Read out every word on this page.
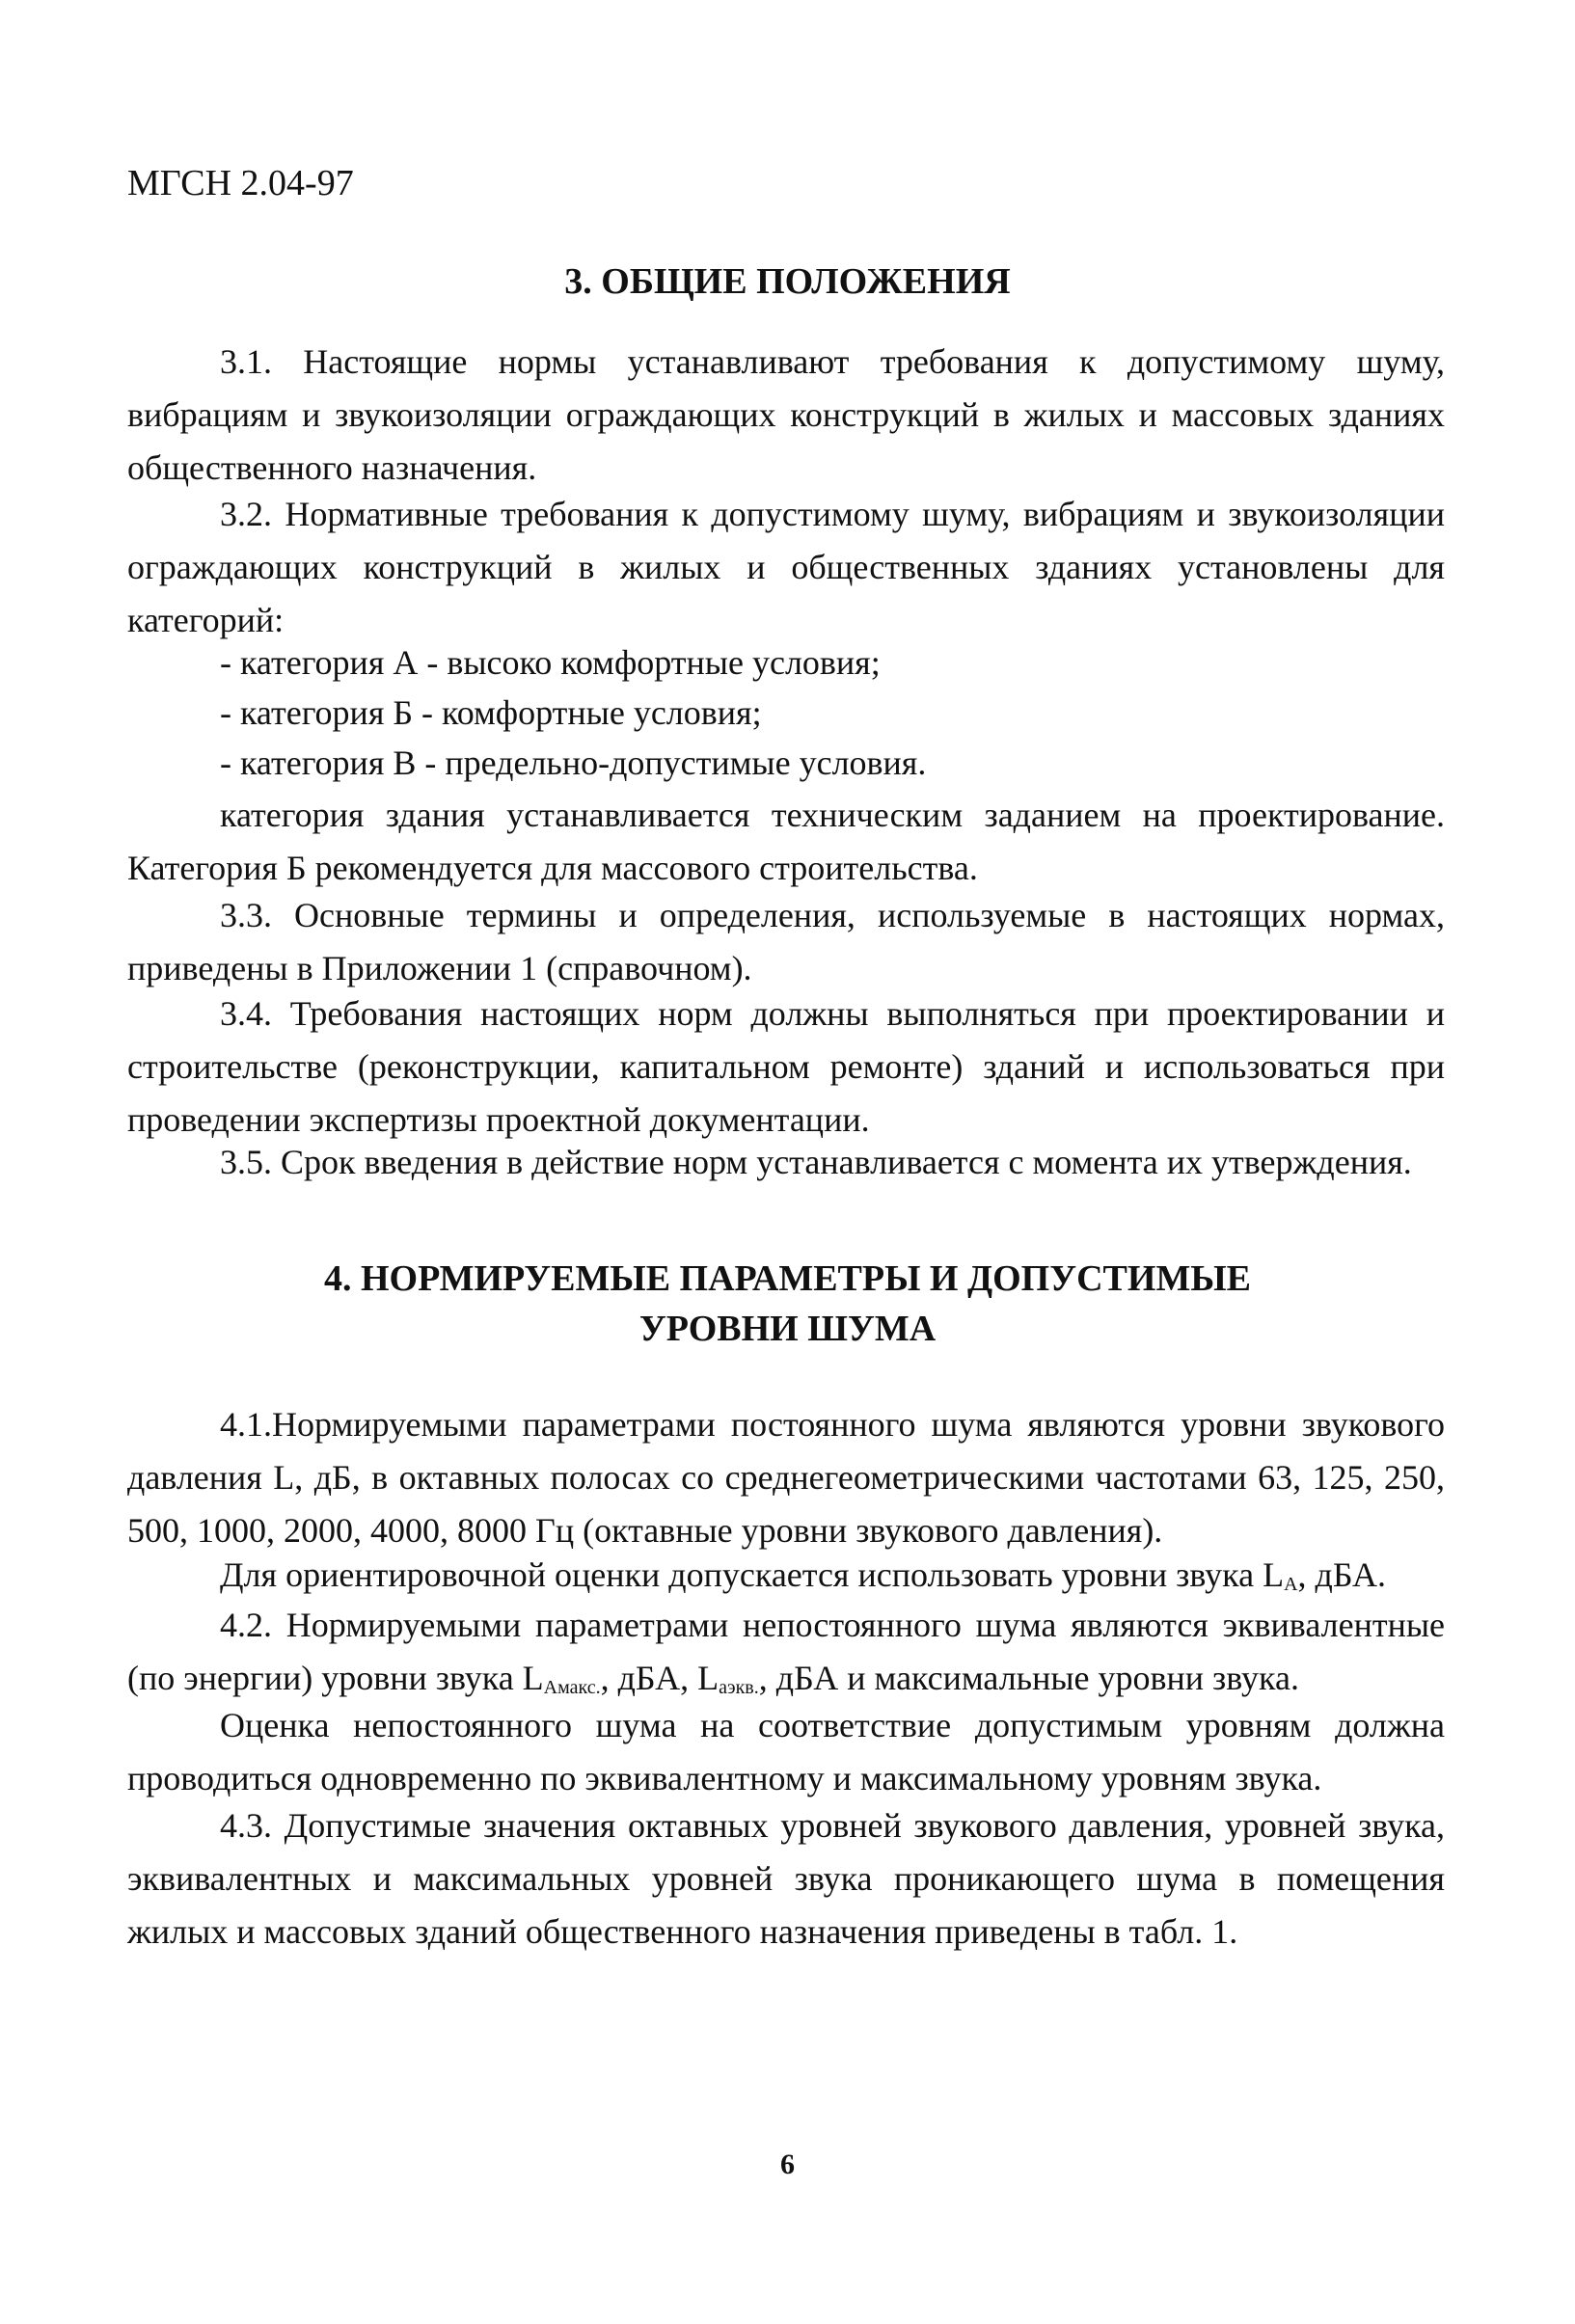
МГСН 2.04-97
3. ОБЩИЕ ПОЛОЖЕНИЯ
3.1. Настоящие нормы устанавливают требования к допустимому шуму, вибрациям и звукоизоляции ограждающих конструкций в жилых и массовых зданиях общественного назначения.
3.2. Нормативные требования к допустимому шуму, вибрациям и звукоизоляции ограждающих конструкций в жилых и общественных зданиях установлены для категорий:
- категория А - высоко комфортные условия;
- категория Б - комфортные условия;
- категория В - предельно-допустимые условия.
категория здания устанавливается техническим заданием на проектирование. Категория Б рекомендуется для массового строительства.
3.3. Основные термины и определения, используемые в настоящих нормах, приведены в Приложении 1 (справочном).
3.4. Требования настоящих норм должны выполняться при проектировании и строительстве (реконструкции, капитальном ремонте) зданий и использоваться при проведении экспертизы проектной документации.
3.5. Срок введения в действие норм устанавливается с момента их утверждения.
4. НОРМИРУЕМЫЕ ПАРАМЕТРЫ И ДОПУСТИМЫЕ
УРОВНИ ШУМА
4.1.Нормируемыми параметрами постоянного шума являются уровни звукового давления L, дБ, в октавных полосах со среднегеометрическими частотами 63, 125, 250, 500, 1000, 2000, 4000, 8000 Гц (октавные уровни звукового давления).
Для ориентировочной оценки допускается использовать уровни звука $L_A$, дБА.
4.2. Нормируемыми параметрами непостоянного шума являются эквивалентные (по энергии) уровни звука $L_{Aмакс.}$, дБА, $L_{aэкв.}$, дБА и максимальные уровни звука.
Оценка непостоянного шума на соответствие допустимым уровням должна проводиться одновременно по эквивалентному и максимальному уровням звука.
4.3. Допустимые значения октавных уровней звукового давления, уровней звука, эквивалентных и максимальных уровней звука проникающего шума в помещения жилых и массовых зданий общественного назначения приведены в табл. 1.
6
